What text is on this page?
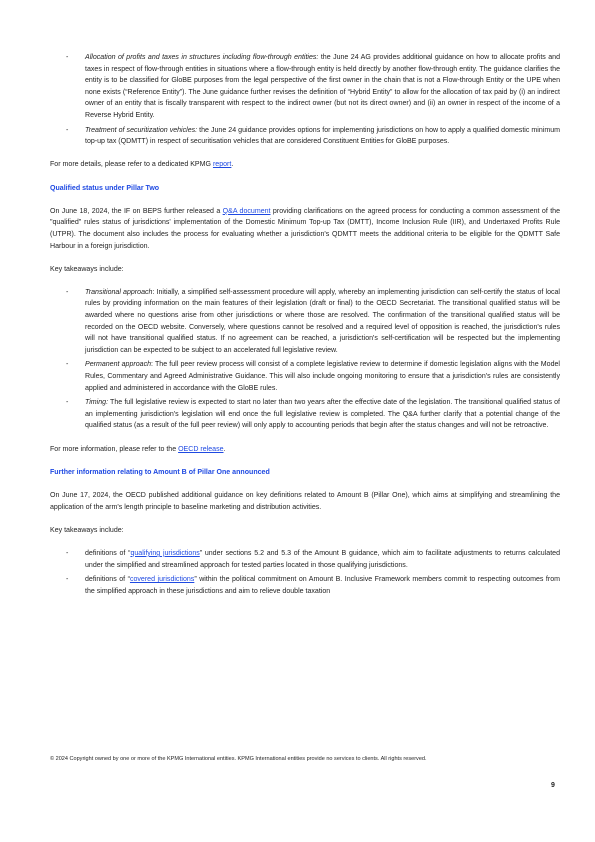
- Allocation of profits and taxes in structures including flow-through entities: the June 24 AG provides additional guidance on how to allocate profits and taxes in respect of flow-through entities in situations where a flow-through entity is held directly by another flow-through entity. The guidance clarifies the entity is to be classified for GloBE purposes from the legal perspective of the first owner in the chain that is not a Flow-through Entity or the UPE when none exists (“Reference Entity”). The June guidance further revises the definition of “Hybrid Entity” to allow for the allocation of tax paid by (i) an indirect owner of an entity that is fiscally transparent with respect to the indirect owner (but not its direct owner) and (ii) an owner in respect of the income of a Reverse Hybrid Entity.
- Treatment of securitization vehicles: the June 24 guidance provides options for implementing jurisdictions on how to apply a qualified domestic minimum top-up tax (QDMTT) in respect of securitisation vehicles that are considered Constituent Entities for GloBE purposes.

For more details, please refer to a dedicated KPMG report.

Qualified status under Pillar Two

On June 18, 2024, the IF on BEPS further released a Q&A document providing clarifications on the agreed process for conducting a common assessment of the "qualified" rules status of jurisdictions' implementation of the Domestic Minimum Top-up Tax (DMTT), Income Inclusion Rule (IIR), and Undertaxed Profits Rule (UTPR). The document also includes the process for evaluating whether a jurisdiction's QDMTT meets the additional criteria to be eligible for the QDMTT Safe Harbour in a foreign jurisdiction.

Key takeaways include:

- Transitional approach: Initially, a simplified self-assessment procedure will apply, whereby an implementing jurisdiction can self-certify the status of local rules by providing information on the main features of their legislation (draft or final) to the OECD Secretariat. The transitional qualified status will be awarded where no questions arise from other jurisdictions or where those are resolved. The confirmation of the transitional qualified status will be recorded on the OECD website. Conversely, where questions cannot be resolved and a required level of opposition is reached, the jurisdiction's rules will not have transitional qualified status. If no agreement can be reached, a jurisdiction's self-certification will be respected but the implementing jurisdiction can be expected to be subject to an accelerated full legislative review.
- Permanent approach: The full peer review process will consist of a complete legislative review to determine if domestic legislation aligns with the Model Rules, Commentary and Agreed Administrative Guidance. This will also include ongoing monitoring to ensure that a jurisdiction's rules are consistently applied and administered in accordance with the GloBE rules.
- Timing: The full legislative review is expected to start no later than two years after the effective date of the legislation. The transitional qualified status of an implementing jurisdiction's legislation will end once the full legislative review is completed. The Q&A further clarify that a potential change of the qualified status (as a result of the full peer review) will only apply to accounting periods that begin after the status changes and will not be retroactive.

For more information, please refer to the OECD release.

Further information relating to Amount B of Pillar One announced

On June 17, 2024, the OECD published additional guidance on key definitions related to Amount B (Pillar One), which aims at simplifying and streamlining the application of the arm's length principle to baseline marketing and distribution activities.

Key takeaways include:

- definitions of “qualifying jurisdictions” under sections 5.2 and 5.3 of the Amount B guidance, which aim to facilitate adjustments to returns calculated under the simplified and streamlined approach for tested parties located in those qualifying jurisdictions.
- definitions of “covered jurisdictions” within the political commitment on Amount B. Inclusive Framework members commit to respecting outcomes from the simplified approach in these jurisdictions and aim to relieve double taxation
© 2024 Copyright owned by one or more of the KPMG International entities. KPMG International entities provide no services to clients. All rights reserved.
9
